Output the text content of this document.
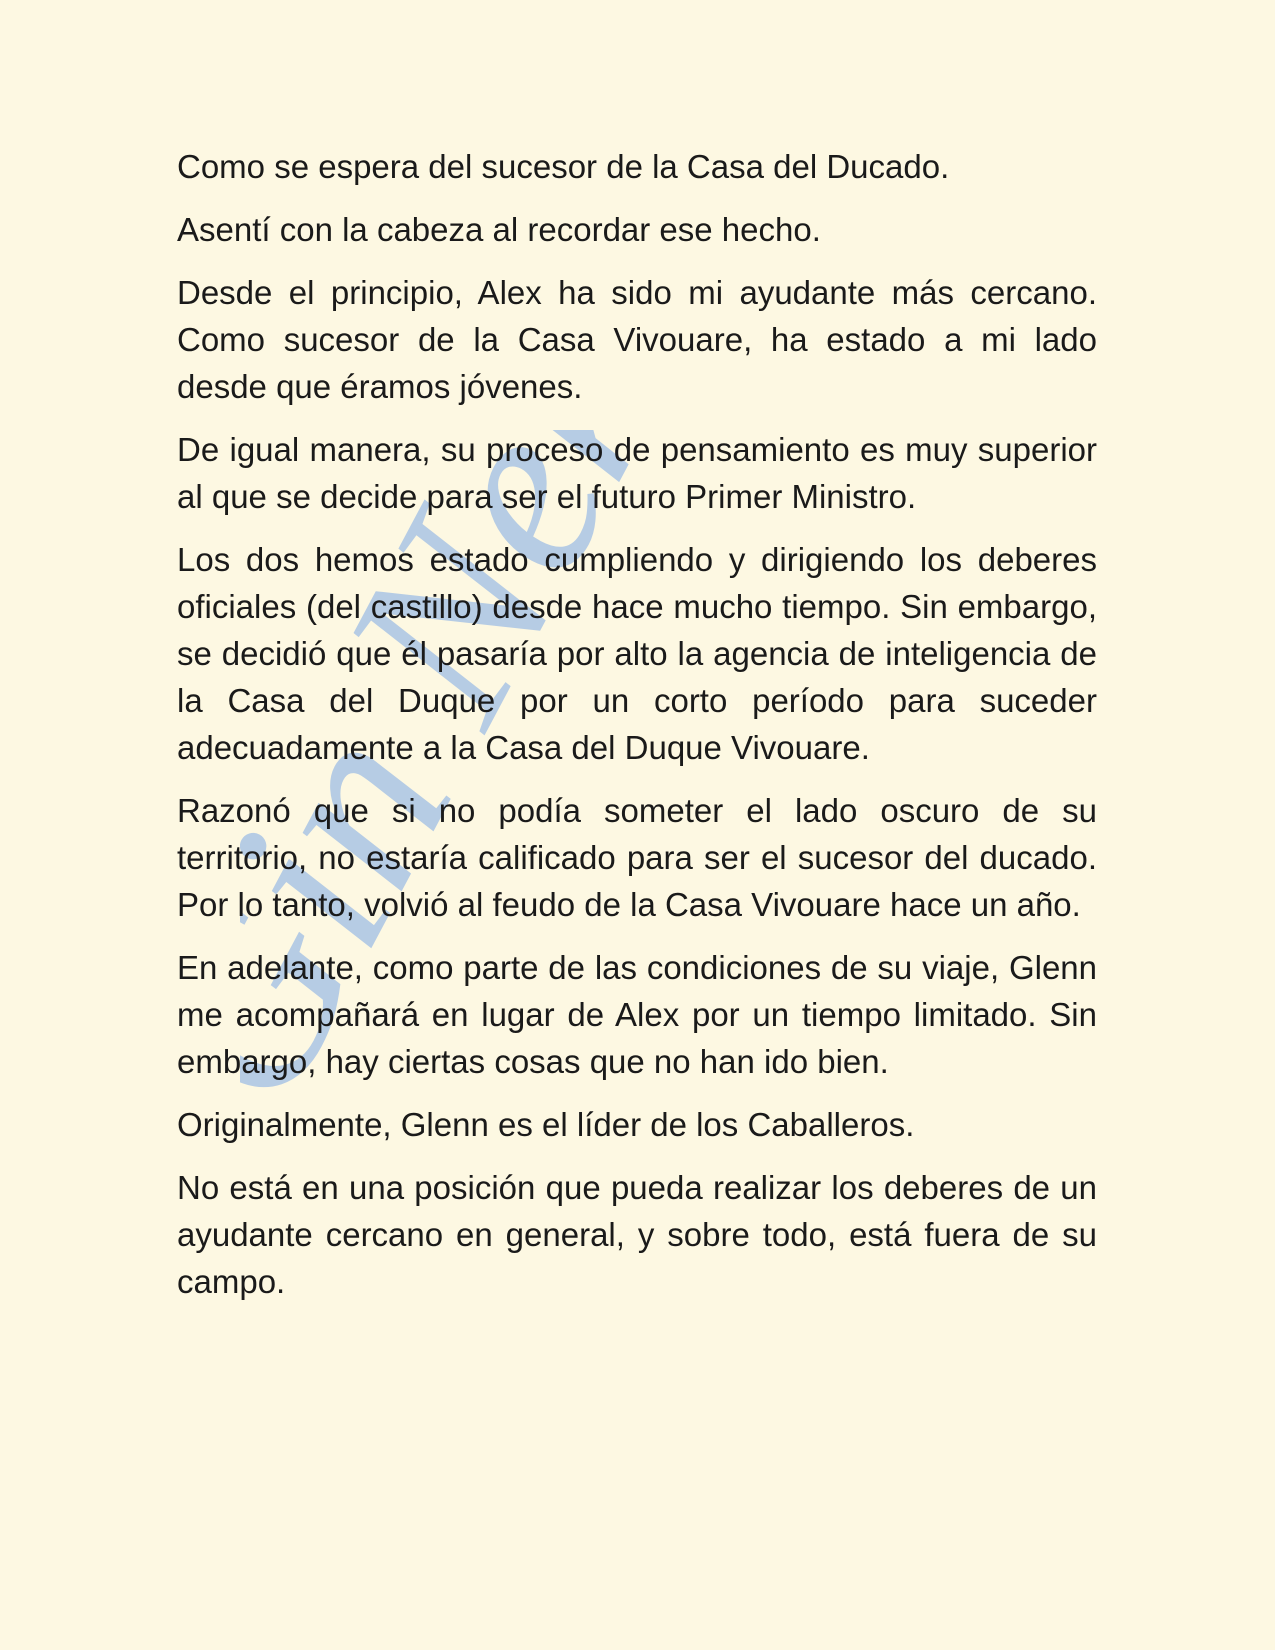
Gin Neko

Como se espera del sucesor de la Casa del Ducado.

Asentí con la cabeza al recordar ese hecho.

Desde el principio, Alex ha sido mi ayudante más cercano. Como sucesor de la Casa Vivouare, ha estado a mi lado desde que éramos jóvenes.

De igual manera, su proceso de pensamiento es muy superior al que se decide para ser el futuro Primer Ministro.

Los dos hemos estado cumpliendo y dirigiendo los deberes oficiales (del castillo) desde hace mucho tiempo. Sin embargo, se decidió que él pasaría por alto la agencia de inteligencia de la Casa del Duque por un corto período para suceder adecuadamente a la Casa del Duque Vivouare.

Razonó que si no podía someter el lado oscuro de su territorio, no estaría calificado para ser el sucesor del ducado. Por lo tanto, volvió al feudo de la Casa Vivouare hace un año.

En adelante, como parte de las condiciones de su viaje, Glenn me acompañará en lugar de Alex por un tiempo limitado. Sin embargo, hay ciertas cosas que no han ido bien.

Originalmente, Glenn es el líder de los Caballeros.

No está en una posición que pueda realizar los deberes de un ayudante cercano en general, y sobre todo, está fuera de su campo.
